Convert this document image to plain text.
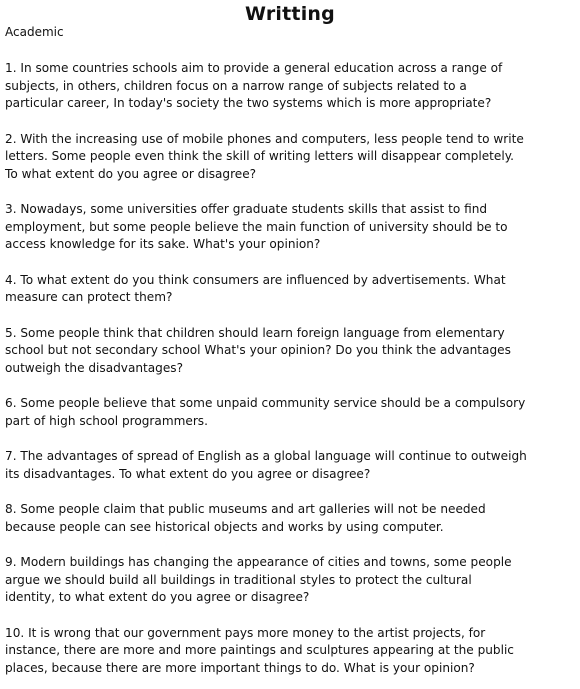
Writting
Academic

1. In some countries schools aim to provide a general education across a range of
subjects, in others, children focus on a narrow range of subjects related to a
particular career, In today's society the two systems which is more appropriate?

2. With the increasing use of mobile phones and computers, less people tend to write
letters. Some people even think the skill of writing letters will disappear completely.
To what extent do you agree or disagree?

3. Nowadays, some universities offer graduate students skills that assist to find
employment, but some people believe the main function of university should be to
access knowledge for its sake. What's your opinion?

4. To what extent do you think consumers are influenced by advertisements. What
measure can protect them?

5. Some people think that children should learn foreign language from elementary
school but not secondary school What's your opinion? Do you think the advantages
outweigh the disadvantages?

6. Some people believe that some unpaid community service should be a compulsory
part of high school programmers.

7. The advantages of spread of English as a global language will continue to outweigh
its disadvantages. To what extent do you agree or disagree?

8. Some people claim that public museums and art galleries will not be needed
because people can see historical objects and works by using computer.

9. Modern buildings has changing the appearance of cities and towns, some people
argue we should build all buildings in traditional styles to protect the cultural
identity, to what extent do you agree or disagree?

10. It is wrong that our government pays more money to the artist projects, for
instance, there are more and more paintings and sculptures appearing at the public
places, because there are more important things to do. What is your opinion?
